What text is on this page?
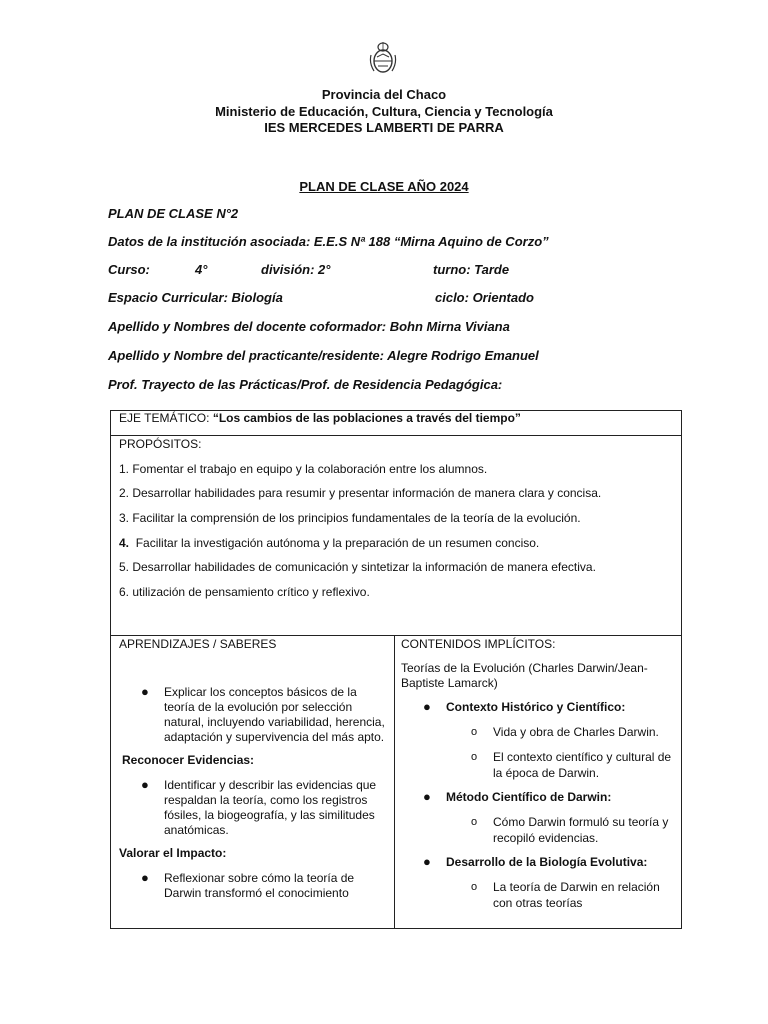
Provincia del Chaco
Ministerio de Educación, Cultura, Ciencia y Tecnología
IES MERCEDES LAMBERTI DE PARRA
PLAN DE CLASE AÑO 2024
PLAN DE CLASE N°2
Datos de la institución asociada: E.E.S Nª 188 “Mirna Aquino de Corzo”
Curso:	4°	división: 2°	turno: Tarde
Espacio Curricular: Biología	ciclo: Orientado
Apellido y Nombres del docente coformador: Bohn Mirna Viviana
Apellido y Nombre del practicante/residente: Alegre Rodrigo Emanuel
Prof. Trayecto de las Prácticas/Prof. de Residencia Pedagógica:
EJE TEMÁTICO: “Los cambios de las poblaciones a través del tiempo”

PROPÓSITOS:

1. Fomentar el trabajo en equipo y la colaboración entre los alumnos.

2. Desarrollar habilidades para resumir y presentar información de manera clara y concisa.

3. Facilitar la comprensión de los principios fundamentales de la teoría de la evolución.

4. Facilitar la investigación autónoma y la preparación de un resumen conciso.

5. Desarrollar habilidades de comunicación y sintetizar la información de manera efectiva.

6. utilización de pensamiento crítico y reflexivo.

APRENDIZAJES / SABERES
● Explicar los conceptos básicos de la teoría de la evolución por selección natural, incluyendo variabilidad, herencia, adaptación y supervivencia del más apto.
Reconocer Evidencias:
● Identificar y describir las evidencias que respaldan la teoría, como los registros fósiles, la biogeografía, y las similitudes anatómicas.
Valorar el Impacto:
● Reflexionar sobre cómo la teoría de Darwin transformó el conocimiento
CONTENIDOS IMPLÍCITOS:
Teorías de la Evolución (Charles Darwin/Jean-Baptiste Lamarck)
● Contexto Histórico y Científico:
o Vida y obra de Charles Darwin.
o El contexto científico y cultural de la época de Darwin.
● Método Científico de Darwin:
o Cómo Darwin formuló su teoría y recopiló evidencias.
● Desarrollo de la Biología Evolutiva:
o La teoría de Darwin en relación con otras teorías
